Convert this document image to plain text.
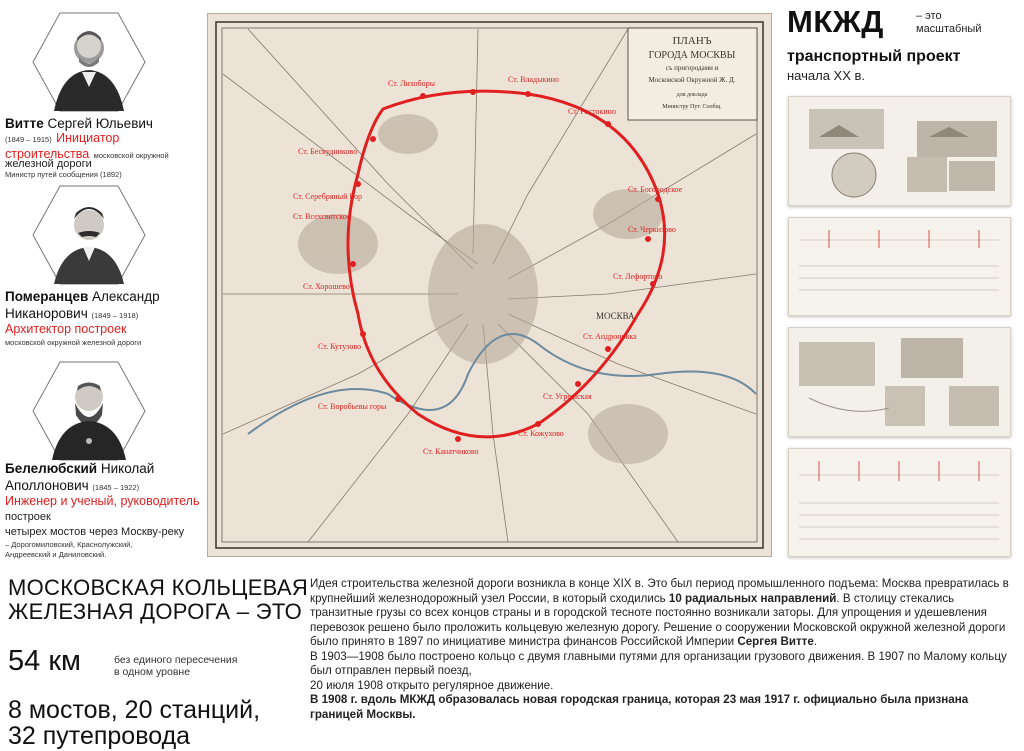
Витте Сергей Юльевич
(1849 – 1915) Инициатор строительства московской окружной
железной дороги
Министр путей сообщения (1892)
Померанцев Александр
Никанорович (1849 – 1918)
Архитектор построек
московской окружной железной дороги
Белелюбский Николай
Аполлонович (1845 – 1922)
Инженер и ученый, руководитель построек
четырех мостов через Москву-реку
– Дорогомиловский, Краснолужский, Андреевский и Даниловский.
Ст. Лихоборы	Ст. Владыкино
Ст. Ростокино
Ст. Богородское
Ст. Черкизово
Ст. Лефортово
Ст. Андроновка
Ст. Угрешская
Ст. Кожухово
Ст. Канатчиково
Ст. Воробьевы горы
Ст. Кутузово
Ст. Хорошево
Ст. Всехсвятское
Ст. Серебряный Бор
Ст. Бескудниково
МОСКВА
ПЛАНЪ
ГОРОДА МОСКВЫ
съ пригородами и
Московской Окружной Ж. Д.
для доклада
Министру Пут. Сообщ.
МКЖД	– это
масштабный
транспортный проект
начала XX в.
МОСКОВСКАЯ КОЛЬЦЕВАЯ
ЖЕЛЕЗНАЯ ДОРОГА – ЭТО
54 км	без единого пересечения
в одном уровне
8 мостов, 20 станций,
32 путепровода
Идея строительства железной дороги возникла в конце XIX в. Это был период промышленного подъема: Москва превратилась в крупнейший железнодорожный узел России, в который сходились 10 радиальных направлений. В столицу стекались транзитные грузы со всех концов страны и в городской тесноте постоянно возникали заторы. Для упрощения и удешевления перевозок решено было проложить кольцевую железную дорогу. Решение о сооружении Московской окружной железной дороги было принято в 1897 по инициативе министра финансов Российской Империи Сергея Витте.
В 1903—1908 было построено кольцо с двумя главными путями для организации грузового движения. В 1907 по Малому кольцу был отправлен первый поезд,
20 июля 1908 открыто регулярное движение.
В 1908 г. вдоль МКЖД образовалась новая городская граница, которая 23 мая 1917 г. официально была признана границей Москвы.
